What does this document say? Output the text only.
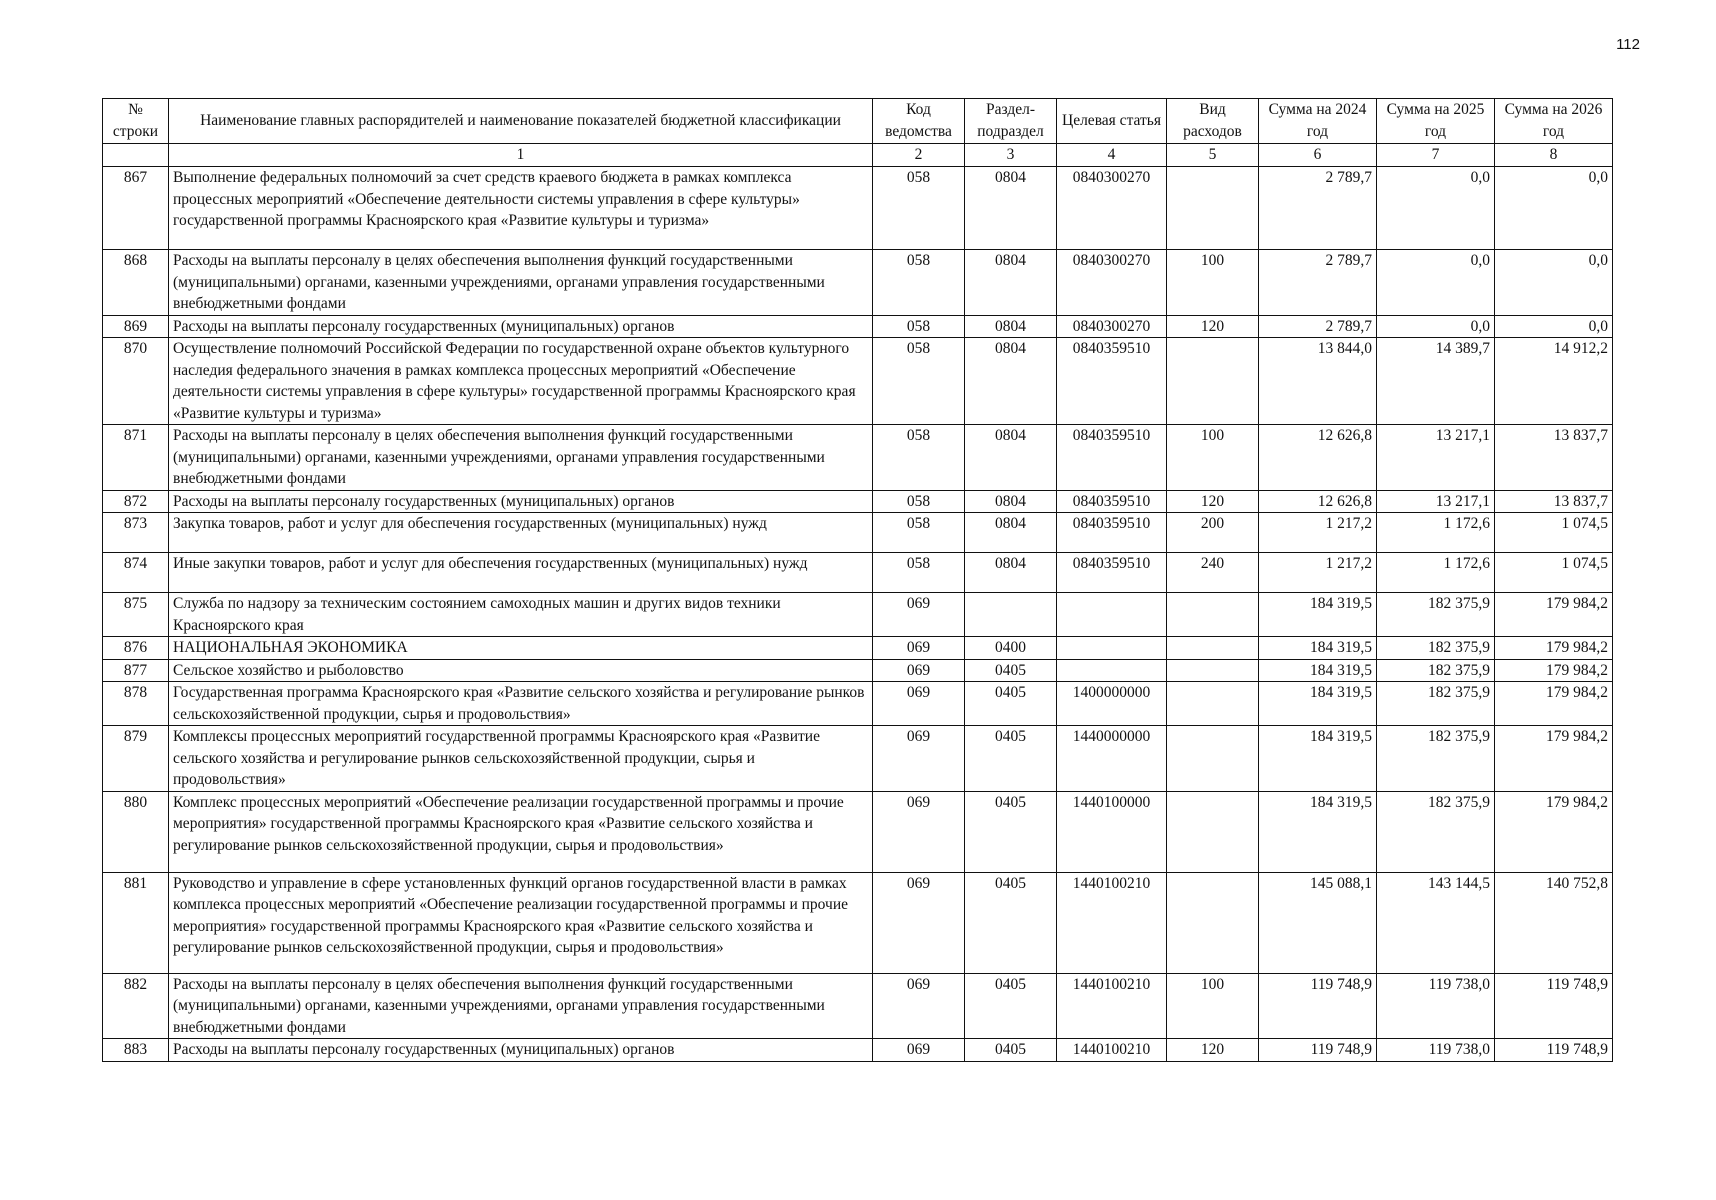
112
№ строки	Наименование главных распорядителей и наименование показателей бюджетной классификации	Код ведомства	Раздел-подраздел	Целевая статья	Вид расходов	Сумма на 2024 год	Сумма на 2025 год	Сумма на 2026 год
	1	2	3	4	5	6	7	8
867	Выполнение федеральных полномочий за счет средств краевого бюджета в рамках комплекса процессных мероприятий «Обеспечение деятельности системы управления в сфере культуры» государственной программы Красноярского края «Развитие культуры и туризма»	058	0804	0840300270		2 789,7	0,0	0,0
868	Расходы на выплаты персоналу в целях обеспечения выполнения функций государственными (муниципальными) органами, казенными учреждениями, органами управления государственными внебюджетными фондами	058	0804	0840300270	100	2 789,7	0,0	0,0
869	Расходы на выплаты персоналу государственных (муниципальных) органов	058	0804	0840300270	120	2 789,7	0,0	0,0
870	Осуществление полномочий Российской Федерации по государственной охране объектов культурного наследия федерального значения в рамках комплекса процессных мероприятий «Обеспечение деятельности системы управления в сфере культуры» государственной программы Красноярского края «Развитие культуры и туризма»	058	0804	0840359510		13 844,0	14 389,7	14 912,2
871	Расходы на выплаты персоналу в целях обеспечения выполнения функций государственными (муниципальными) органами, казенными учреждениями, органами управления государственными внебюджетными фондами	058	0804	0840359510	100	12 626,8	13 217,1	13 837,7
872	Расходы на выплаты персоналу государственных (муниципальных) органов	058	0804	0840359510	120	12 626,8	13 217,1	13 837,7
873	Закупка товаров, работ и услуг для обеспечения государственных (муниципальных) нужд	058	0804	0840359510	200	1 217,2	1 172,6	1 074,5
874	Иные закупки товаров, работ и услуг для обеспечения государственных (муниципальных) нужд	058	0804	0840359510	240	1 217,2	1 172,6	1 074,5
875	Служба по надзору за техническим состоянием самоходных машин и других видов техники Красноярского края	069				184 319,5	182 375,9	179 984,2
876	НАЦИОНАЛЬНАЯ ЭКОНОМИКА	069	0400			184 319,5	182 375,9	179 984,2
877	Сельское хозяйство и рыболовство	069	0405			184 319,5	182 375,9	179 984,2
878	Государственная программа Красноярского края «Развитие сельского хозяйства и регулирование рынков сельскохозяйственной продукции, сырья и продовольствия»	069	0405	1400000000		184 319,5	182 375,9	179 984,2
879	Комплексы процессных мероприятий государственной программы Красноярского края «Развитие сельского хозяйства и регулирование рынков сельскохозяйственной продукции, сырья и продовольствия»	069	0405	1440000000		184 319,5	182 375,9	179 984,2
880	Комплекс процессных мероприятий «Обеспечение реализации государственной программы и прочие мероприятия» государственной программы Красноярского края «Развитие сельского хозяйства и регулирование рынков сельскохозяйственной продукции, сырья и продовольствия»	069	0405	1440100000		184 319,5	182 375,9	179 984,2
881	Руководство и управление в сфере установленных функций органов государственной власти в рамках комплекса процессных мероприятий «Обеспечение реализации государственной программы и прочие мероприятия» государственной программы Красноярского края «Развитие сельского хозяйства и регулирование рынков сельскохозяйственной продукции, сырья и продовольствия»	069	0405	1440100210		145 088,1	143 144,5	140 752,8
882	Расходы на выплаты персоналу в целях обеспечения выполнения функций государственными (муниципальными) органами, казенными учреждениями, органами управления государственными внебюджетными фондами	069	0405	1440100210	100	119 748,9	119 738,0	119 748,9
883	Расходы на выплаты персоналу государственных (муниципальных) органов	069	0405	1440100210	120	119 748,9	119 738,0	119 748,9
